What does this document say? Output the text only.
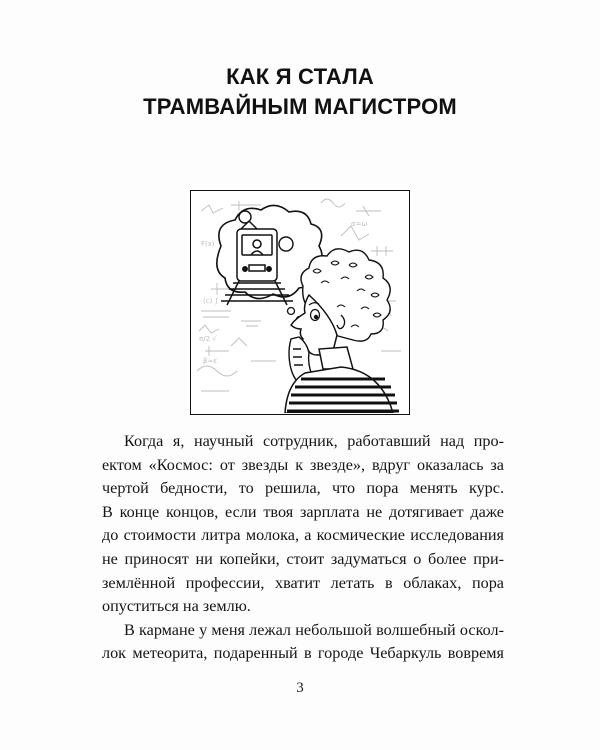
КАК Я СТАЛА
ТРАМВАЙНЫМ МАГИСТРОМ
(c) ∫
π/2 √
β≈ε
α=ω
F(x)

Когда я, научный сотрудник, работавший над про-
ектом «Космос: от звезды к звезде», вдруг оказалась за
чертой бедности, то решила, что пора менять курс.
В конце концов, если твоя зарплата не дотягивает даже
до стоимости литра молока, а космические исследования
не приносят ни копейки, стоит задуматься о более при-
землённой профессии, хватит летать в облаках, пора
опуститься на землю.

В кармане у меня лежал небольшой волшебный оскол-
лок метеорита, подаренный в городе Чебаркуль вовремя

3
